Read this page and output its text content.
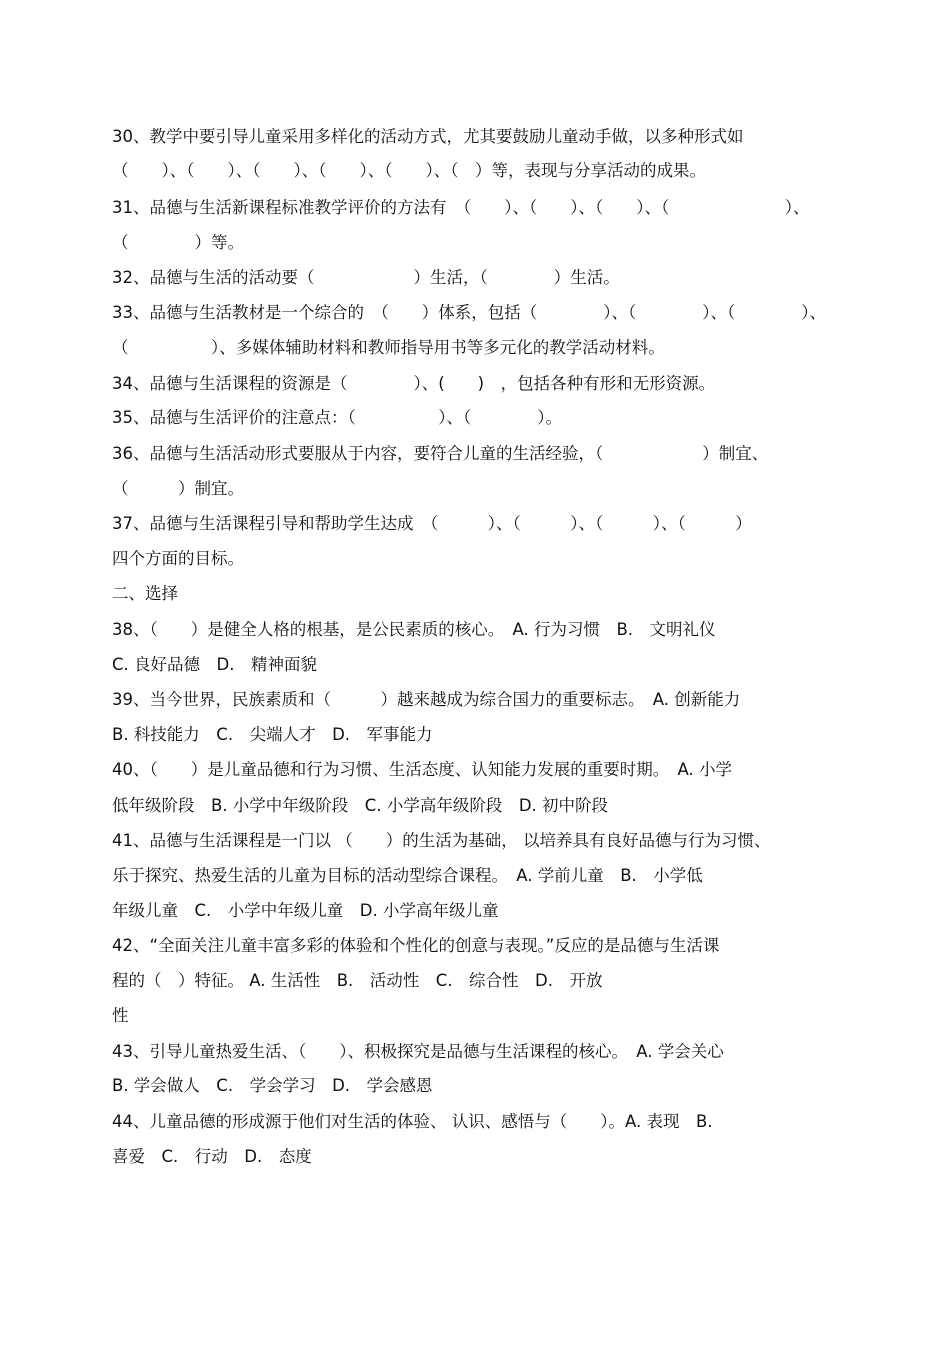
30、教学中要引导儿童采用多样化的活动方式，尤其要鼓励儿童动手做，以多种形式如
（　　）、（　　）、（　　）、（　　）、（　　）、（　）等，表现与分享活动的成果。
31、品德与生活新课程标准教学评价的方法有　（　　）、（　　）、（　　）、（　　　　　　　）、
（　　　　）等。
32、品德与生活的活动要（　　　　　　）生活，（　　　　）生活。
33、品德与生活教材是一个综合的　（　　）体系，包括（　　　　）、（　　　　）、（　　　　）、
（　　　　　）、多媒体辅助材料和教师指导用书等多元化的教学活动材料。
34、品德与生活课程的资源是（　　　　）、(　　)　，包括各种有形和无形资源。
35、品德与生活评价的注意点：（　　　　　）、（　　　　）。
36、品德与生活活动形式要服从于内容，要符合儿童的生活经验，（　　　　　　）制宜、
（　　　）制宜。
37、品德与生活课程引导和帮助学生达成　（　　　）、（　　　）、（　　　）、（　　　）
四个方面的目标。
二、选择
38、（　　）是健全人格的根基，是公民素质的核心。　A. 行为习惯　B.　文明礼仪
C. 良好品德　D.　精神面貌
39、当今世界，民族素质和（　　　）越来越成为综合国力的重要标志。　A. 创新能力
B. 科技能力　C.　尖端人才　D.　军事能力
40、（　　）是儿童品德和行为习惯、生活态度、认知能力发展的重要时期。　A. 小学
低年级阶段　B. 小学中年级阶段　C. 小学高年级阶段　D. 初中阶段
41、品德与生活课程是一门以 （　　）的生活为基础， 以培养具有良好品德与行为习惯、
乐于探究、热爱生活的儿童为目标的活动型综合课程。　A. 学前儿童　B.　小学低
年级儿童　C.　小学中年级儿童　D. 小学高年级儿童
42、“全面关注儿童丰富多彩的体验和个性化的创意与表现。”反应的是品德与生活课
程的（　）特征。 A. 生活性　B.　活动性　C.　综合性　D.　开放
性
43、引导儿童热爱生活、（　　）、积极探究是品德与生活课程的核心。　A. 学会关心
B. 学会做人　C.　学会学习　D.　学会感恩
44、儿童品德的形成源于他们对生活的体验、 认识、感悟与（　　）。A. 表现　B.
喜爱　C.　行动　D.　态度
